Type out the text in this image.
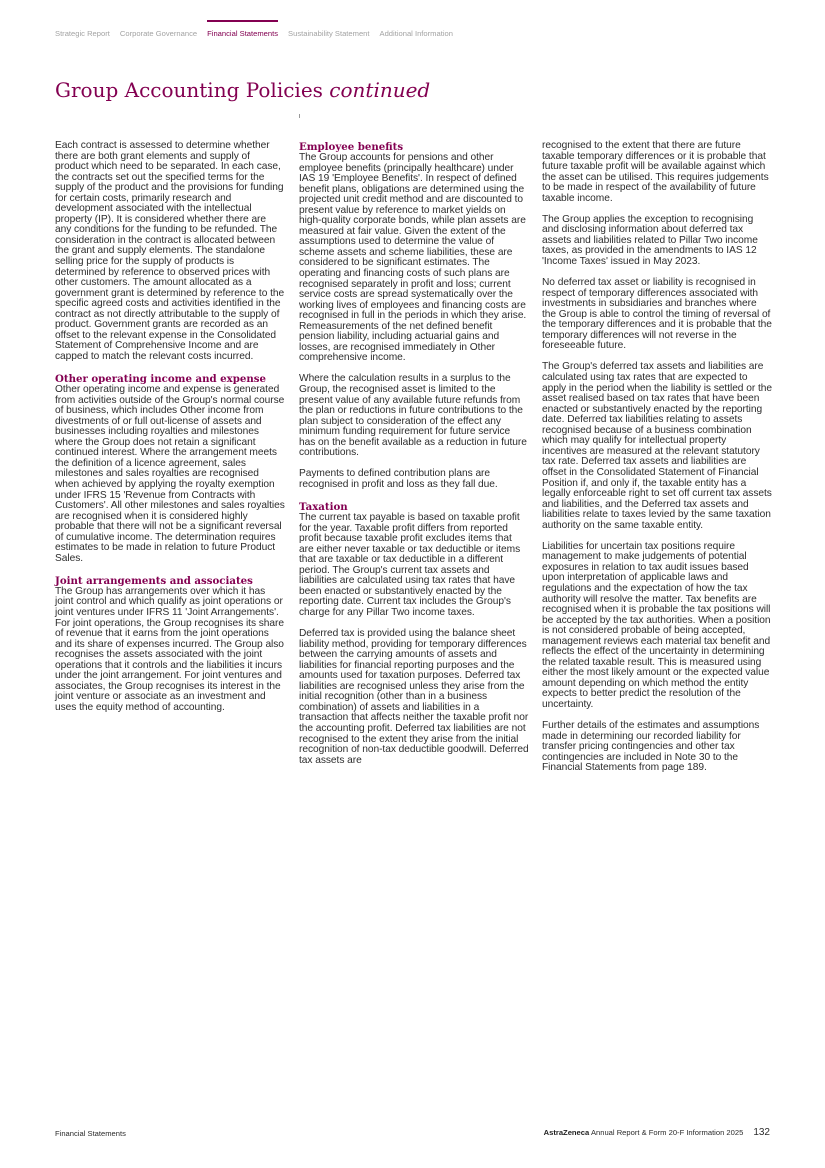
Strategic Report Corporate Governance Financial Statements Sustainability Statement Additional Information
Group Accounting Policies continued

Each contract is assessed to determine whether there are both grant elements and supply of product which need to be separated. In each case, the contracts set out the specified terms for the supply of the product and the provisions for funding for certain costs, primarily research and development associated with the intellectual property (IP). It is considered whether there are any conditions for the funding to be refunded. The consideration in the contract is allocated between the grant and supply elements. The standalone selling price for the supply of products is determined by reference to observed prices with other customers. The amount allocated as a government grant is determined by reference to the specific agreed costs and activities identified in the contract as not directly attributable to the supply of product. Government grants are recorded as an offset to the relevant expense in the Consolidated Statement of Comprehensive Income and are capped to match the relevant costs incurred.

Other operating income and expense

Other operating income and expense is generated from activities outside of the Group's normal course of business, which includes Other income from divestments of or full out-license of assets and businesses including royalties and milestones where the Group does not retain a significant continued interest. Where the arrangement meets the definition of a licence agreement, sales milestones and sales royalties are recognised when achieved by applying the royalty exemption under IFRS 15 'Revenue from Contracts with Customers'. All other milestones and sales royalties are recognised when it is considered highly probable that there will not be a significant reversal of cumulative income. The determination requires estimates to be made in relation to future Product Sales.

Joint arrangements and associates

The Group has arrangements over which it has joint control and which qualify as joint operations or joint ventures under IFRS 11 'Joint Arrangements'. For joint operations, the Group recognises its share of revenue that it earns from the joint operations and its share of expenses incurred. The Group also recognises the assets associated with the joint operations that it controls and the liabilities it incurs under the joint arrangement. For joint ventures and associates, the Group recognises its interest in the joint venture or associate as an investment and uses the equity method of accounting.

Employee benefits

The Group accounts for pensions and other employee benefits (principally healthcare) under IAS 19 'Employee Benefits'. In respect of defined benefit plans, obligations are determined using the projected unit credit method and are discounted to present value by reference to market yields on high-quality corporate bonds, while plan assets are measured at fair value. Given the extent of the assumptions used to determine the value of scheme assets and scheme liabilities, these are considered to be significant estimates. The operating and financing costs of such plans are recognised separately in profit and loss; current service costs are spread systematically over the working lives of employees and financing costs are recognised in full in the periods in which they arise. Remeasurements of the net defined benefit pension liability, including actuarial gains and losses, are recognised immediately in Other comprehensive income.

Where the calculation results in a surplus to the Group, the recognised asset is limited to the present value of any available future refunds from the plan or reductions in future contributions to the plan subject to consideration of the effect any minimum funding requirement for future service has on the benefit available as a reduction in future contributions.

Payments to defined contribution plans are recognised in profit and loss as they fall due.

Taxation

The current tax payable is based on taxable profit for the year. Taxable profit differs from reported profit because taxable profit excludes items that are either never taxable or tax deductible or items that are taxable or tax deductible in a different period. The Group's current tax assets and liabilities are calculated using tax rates that have been enacted or substantively enacted by the reporting date. Current tax includes the Group's charge for any Pillar Two income taxes.

Deferred tax is provided using the balance sheet liability method, providing for temporary differences between the carrying amounts of assets and liabilities for financial reporting purposes and the amounts used for taxation purposes. Deferred tax liabilities are recognised unless they arise from the initial recognition (other than in a business combination) of assets and liabilities in a transaction that affects neither the taxable profit nor the accounting profit. Deferred tax liabilities are not recognised to the extent they arise from the initial recognition of non-tax deductible goodwill. Deferred tax assets are

recognised to the extent that there are future taxable temporary differences or it is probable that future taxable profit will be available against which the asset can be utilised. This requires judgements to be made in respect of the availability of future taxable income.

The Group applies the exception to recognising and disclosing information about deferred tax assets and liabilities related to Pillar Two income taxes, as provided in the amendments to IAS 12 'Income Taxes' issued in May 2023.

No deferred tax asset or liability is recognised in respect of temporary differences associated with investments in subsidiaries and branches where the Group is able to control the timing of reversal of the temporary differences and it is probable that the temporary differences will not reverse in the foreseeable future.

The Group's deferred tax assets and liabilities are calculated using tax rates that are expected to apply in the period when the liability is settled or the asset realised based on tax rates that have been enacted or substantively enacted by the reporting date. Deferred tax liabilities relating to assets recognised because of a business combination which may qualify for intellectual property incentives are measured at the relevant statutory tax rate. Deferred tax assets and liabilities are offset in the Consolidated Statement of Financial Position if, and only if, the taxable entity has a legally enforceable right to set off current tax assets and liabilities, and the Deferred tax assets and liabilities relate to taxes levied by the same taxation authority on the same taxable entity.

Liabilities for uncertain tax positions require management to make judgements of potential exposures in relation to tax audit issues based upon interpretation of applicable laws and regulations and the expectation of how the tax authority will resolve the matter. Tax benefits are recognised when it is probable the tax positions will be accepted by the tax authorities. When a position is not considered probable of being accepted, management reviews each material tax benefit and reflects the effect of the uncertainty in determining the related taxable result. This is measured using either the most likely amount or the expected value amount depending on which method the entity expects to better predict the resolution of the uncertainty.

Further details of the estimates and assumptions made in determining our recorded liability for transfer pricing contingencies and other tax contingencies are included in Note 30 to the Financial Statements from page 189.

Financial Statements	AstraZeneca Annual Report & Form 20-F Information 2025 132
